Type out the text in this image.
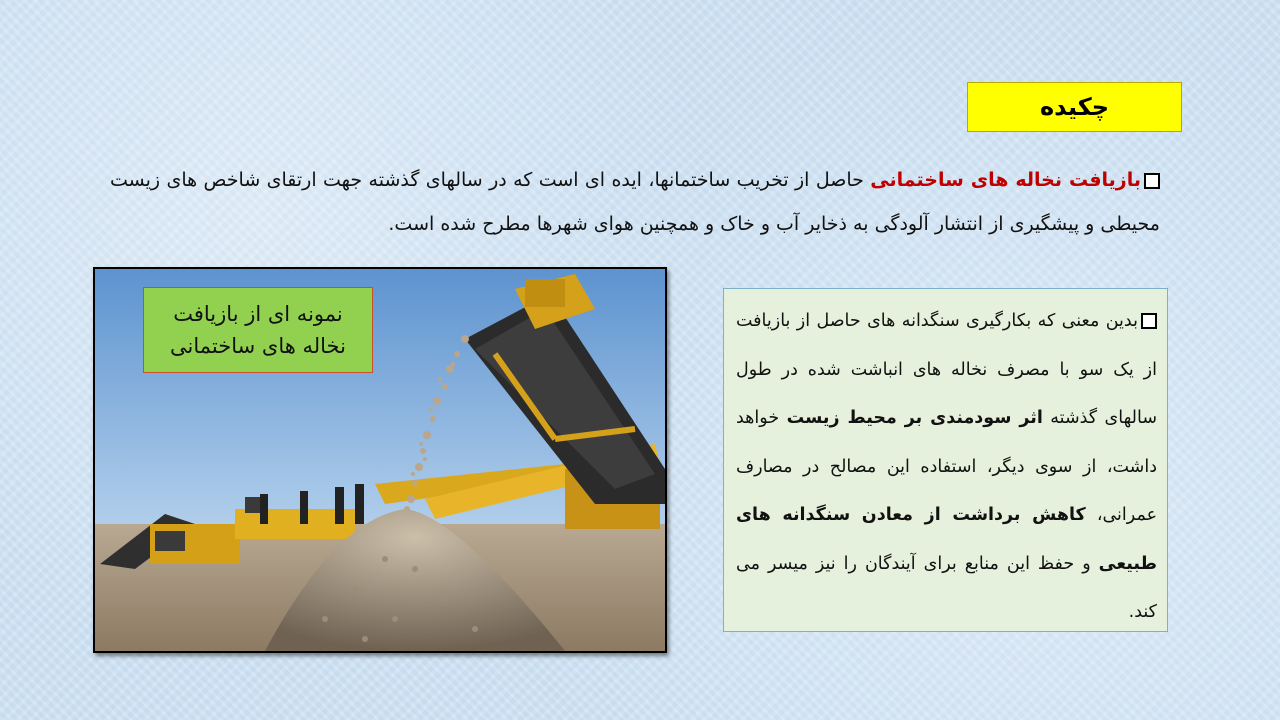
چکیده
بازیافت نخاله های ساختمانی حاصل از تخریب ساختمانها، ایده ای است که در سالهای گذشته جهت ارتقای شاخص های زیست محیطی و پیشگیری از انتشار آلودگی به ذخایر آب و خاک و همچنین هوای شهرها مطرح شده است.
نمونه ای از بازیافت نخاله های ساختمانی
بدین معنی که بکارگیری سنگدانه های حاصل از بازیافت از یک سو با مصرف نخاله های انباشت شده در طول سالهای گذشته اثر سودمندی بر محیط زیست خواهد داشت، از سوی دیگر، استفاده این مصالح در مصارف عمرانی، کاهش برداشت از معادن سنگدانه های طبیعی و حفظ این منابع برای آیندگان را نیز میسر می کند.
